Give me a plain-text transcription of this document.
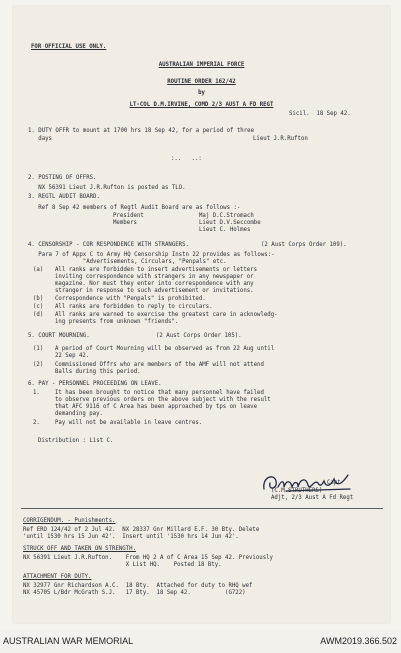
FOR OFFICIAL USE ONLY.
AUSTRALIAN IMPERIAL FORCE
ROUTINE ORDER 162/42
by
LT-COL D.M.IRVINE, COMD 2/3 AUST A FD REGT
Sicil.  18 Sep 42.
1. DUTY OFFR to mount at 1700 hrs 18 Sep 42, for a period of three
days	Lieut J.R.Rufton
:..   ..:
2. POSTING OF OFFRS.
NX 56391 Lieut J.R.Rufton is posted as TLO.
3. REGTL AUDIT BOARD.
Ref 8 Sep 42 members of Regtl Audit Board are as follows :-
President	Maj D.C.Stromach
Members	Lieut D.V.Seccombe
Lieut C. Holmes
4. CENSORSHIP - COR RESPONDENCE WITH STRANGERS.	(2 Aust Corps Order 109).
Para 7 of Appx C to Army HQ Censorship Instn 22 provides as follows:-
"Advertisements, Circulars, "Penpals" etc.
(a) All ranks are forbidden to insert advertisements or letters
inviting correspondence with strangers in any newspaper or
magazine. Nor must they enter into correspondence with any
stranger in response to such advertisement or invitations.
(b) Correspondence with "Penpals" is prohibited.
(c) All ranks are forbidden to reply to circulars.
(d) All ranks are warned to exercise the greatest care in acknowledg-
ing presents from unknown "friends".
5. COURT MOURNING.	(2 Aust Corps Order 105).
(1) A period of Court Mourning will be observed as from 22 Aug until
22 Sep 42.
(2) Commissioned Offrs who are members of the AMF will not attend
Balls during this period.
6. PAY - PERSONNEL PROCEEDING ON LEAVE.
1.	It has been brought to notice that many personnel have failed
to observe previous orders on the above subject with the result
that AFC 9116 of C Area has been approached by tps on leave
demanding pay.
2.	Pay will not be available in leave centres.
Distribution : List C.
Capt
(C.M.STRUTHERS)
Adjt, 2/3 Aust A Fd Regt
CORRIGENDUM. - Punishments.
Ref ERO 124/42 of 2 Jul 42.  NX 28337 Gnr Millard E.F. 30 Bty. Delete
'until 1530 hrs 15 Jun 42'.  Insert until '1530 hrs 14 Jun 42'.
STRUCK OFF AND TAKEN ON STRENGTH.
NX 56391 Lieut J.R.Rufton.    From HQ 2 A of C Area 15 Sep 42. Previously
X List HQ.    Posted 18 Bty.
ATTACHMENT FOR DUTY.
NX 32977 Gnr Richardson A.C.  18 Bty.  Attached for duty to RHQ wef
NX 45705 L/Bdr McGrath S.J.   17 Bty.  18 Sep 42.          (G722)
AUSTRALIAN WAR MEMORIAL	AWM2019.366.502
